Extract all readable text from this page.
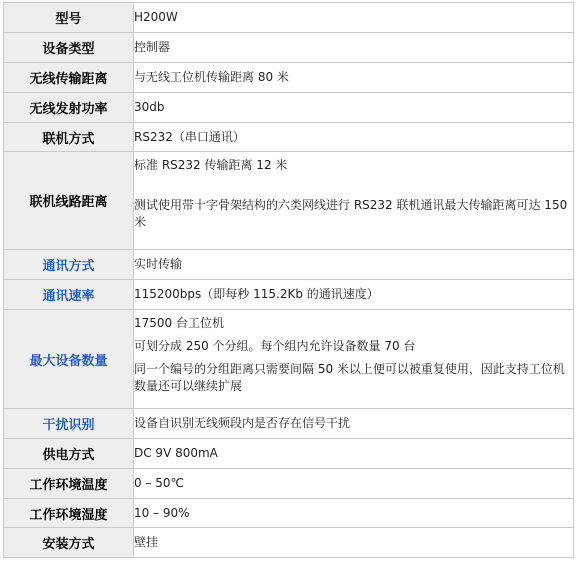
型号	H200W
设备类型	控制器
无线传输距离	与无线工位机传输距离 80 米
无线发射功率	30db
联机方式	RS232（串口通讯）
联机线路距离	标准 RS232 传输距离 12 米
测试使用带十字骨架结构的六类网线进行 RS232 联机通讯最大传输距离可达 150 米

通讯方式	实时传输
通讯速率	115200bps（即每秒 115.2Kb 的通讯速度）
最大设备数量	17500 台工位机
可划分成 250 个分组。每个组内允许设备数量 70 台
同一个编号的分组距离只需要间隔 50 米以上便可以被重复使用，因此支持工位机数量还可以继续扩展

干扰识别	设备自识别无线频段内是否存在信号干扰
供电方式	DC 9V 800mA
工作环境温度	0 – 50℃
工作环境湿度	10 – 90%
安装方式	壁挂
